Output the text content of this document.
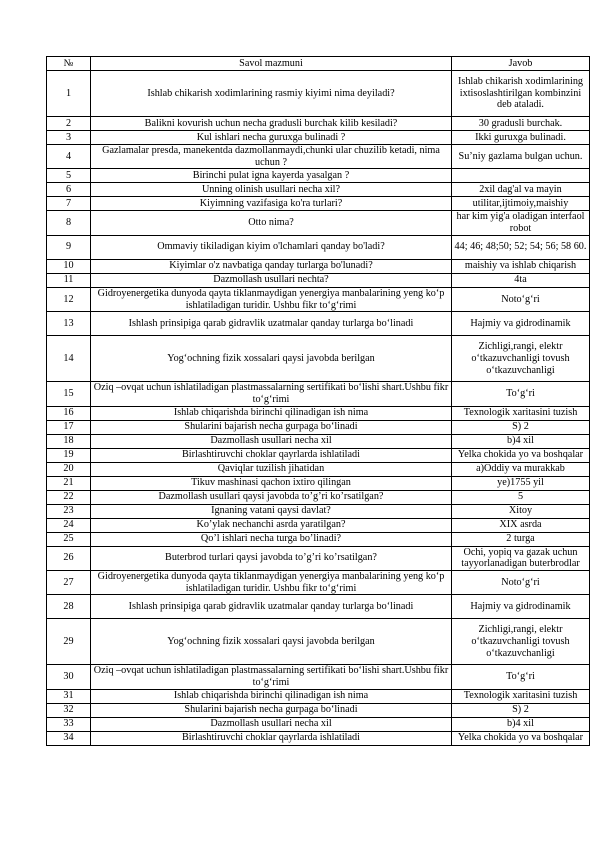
№	Savol mazmuni	Javob
1	Ishlab chikarish xodimlarining rasmiy kiyimi nima deyiladi?	Ishlab chikarish xodimlarining ixtisoslashtirilgan kombinzini deb ataladi.
2	Balikni kovurish uchun necha gradusli burchak kilib kesiladi?	30 gradusli burchak.
3	Kul ishlari necha guruxga bulinadi ?	Ikki guruxga bulinadi.
4	Gazlamalar presda, manekentda dazmollanmaydi,chunki ular chuzilib ketadi, nima uchun ?	Su’niy gazlama bulgan uchun.
5	Birinchi pulat igna kayerda yasalgan ?	
6	Unning olinish usullari necha xil?	2xil dag'al va mayin
7	Kiyimning vazifasiga ko'ra turlari?	utilitar,ijtimoiy,maishiy
8	Otto nima?	har kim yig'a oladigan interfaol robot
9	Ommaviy tikiladigan kiyim o'lchamlari qanday bo'ladi?	44; 46; 48;50; 52; 54; 56; 58 60.
10	Kiyimlar o'z navbatiga qanday turlarga bo'lunadi?	maishiy va ishlab chiqarish
11	Dazmollash usullari nechta?	4ta
12	Gidroyenergetika dunyoda qayta tiklanmaydigan yenergiya manbalarining yeng ko‘p ishlatiladigan turidir. Ushbu fikr to‘g‘rimi	Noto‘g‘ri
13	Ishlash prinsipiga qarab gidravlik uzatmalar qanday turlarga bo‘linadi	Hajmiy va gidrodinamik
14	Yog‘ochning fizik xossalari qaysi javobda berilgan	Zichligi,rangi, elektr o‘tkazuvchanligi tovush o‘tkazuvchanligi
15	Oziq –ovqat uchun ishlatiladigan plastmassalarning sertifikati bo‘lishi shart.Ushbu fikr to‘g‘rimi	To‘g‘ri
16	Ishlab chiqarishda birinchi qilinadigan ish nima	Texnologik xaritasini tuzish
17	Shularini bajarish necha gurpaga bo‘linadi	S) 2
18	Dazmollash usullari necha xil	b)4 xil
19	Birlashtiruvchi choklar qayrlarda ishlatiladi	Yelka chokida yo va boshqalar
20	Qaviqlar tuzilish jihatidan	a)Oddiy va murakkab
21	Tikuv mashinasi qachon ixtiro qilingan	ye)1755 yil
22	Dazmollash usullari qaysi javobda to’g’ri ko’rsatilgan?	5
23	Ignaning vatani qaysi davlat?	Xitoy
24	Ko’ylak nechanchi asrda yaratilgan?	XIX asrda
25	Qo’l ishlari necha turga bo’linadi?	2 turga
26	Buterbrod turlari qaysi javobda to’g’ri ko’rsatilgan?	Ochi, yopiq va gazak uchun tayyorlanadigan buterbrodlar
27	Gidroyenergetika dunyoda qayta tiklanmaydigan yenergiya manbalarining yeng ko‘p ishlatiladigan turidir. Ushbu fikr to‘g‘rimi	Noto‘g‘ri
28	Ishlash prinsipiga qarab gidravlik uzatmalar qanday turlarga bo‘linadi	Hajmiy va gidrodinamik
29	Yog‘ochning fizik xossalari qaysi javobda berilgan	Zichligi,rangi, elektr o‘tkazuvchanligi tovush o‘tkazuvchanligi
30	Oziq –ovqat uchun ishlatiladigan plastmassalarning sertifikati bo‘lishi shart.Ushbu fikr to‘g‘rimi	To‘g‘ri
31	Ishlab chiqarishda birinchi qilinadigan ish nima	Texnologik xaritasini tuzish
32	Shularini bajarish necha gurpaga bo‘linadi	S) 2
33	Dazmollash usullari necha xil	b)4 xil
34	Birlashtiruvchi choklar qayrlarda ishlatiladi	Yelka chokida yo va boshqalar
